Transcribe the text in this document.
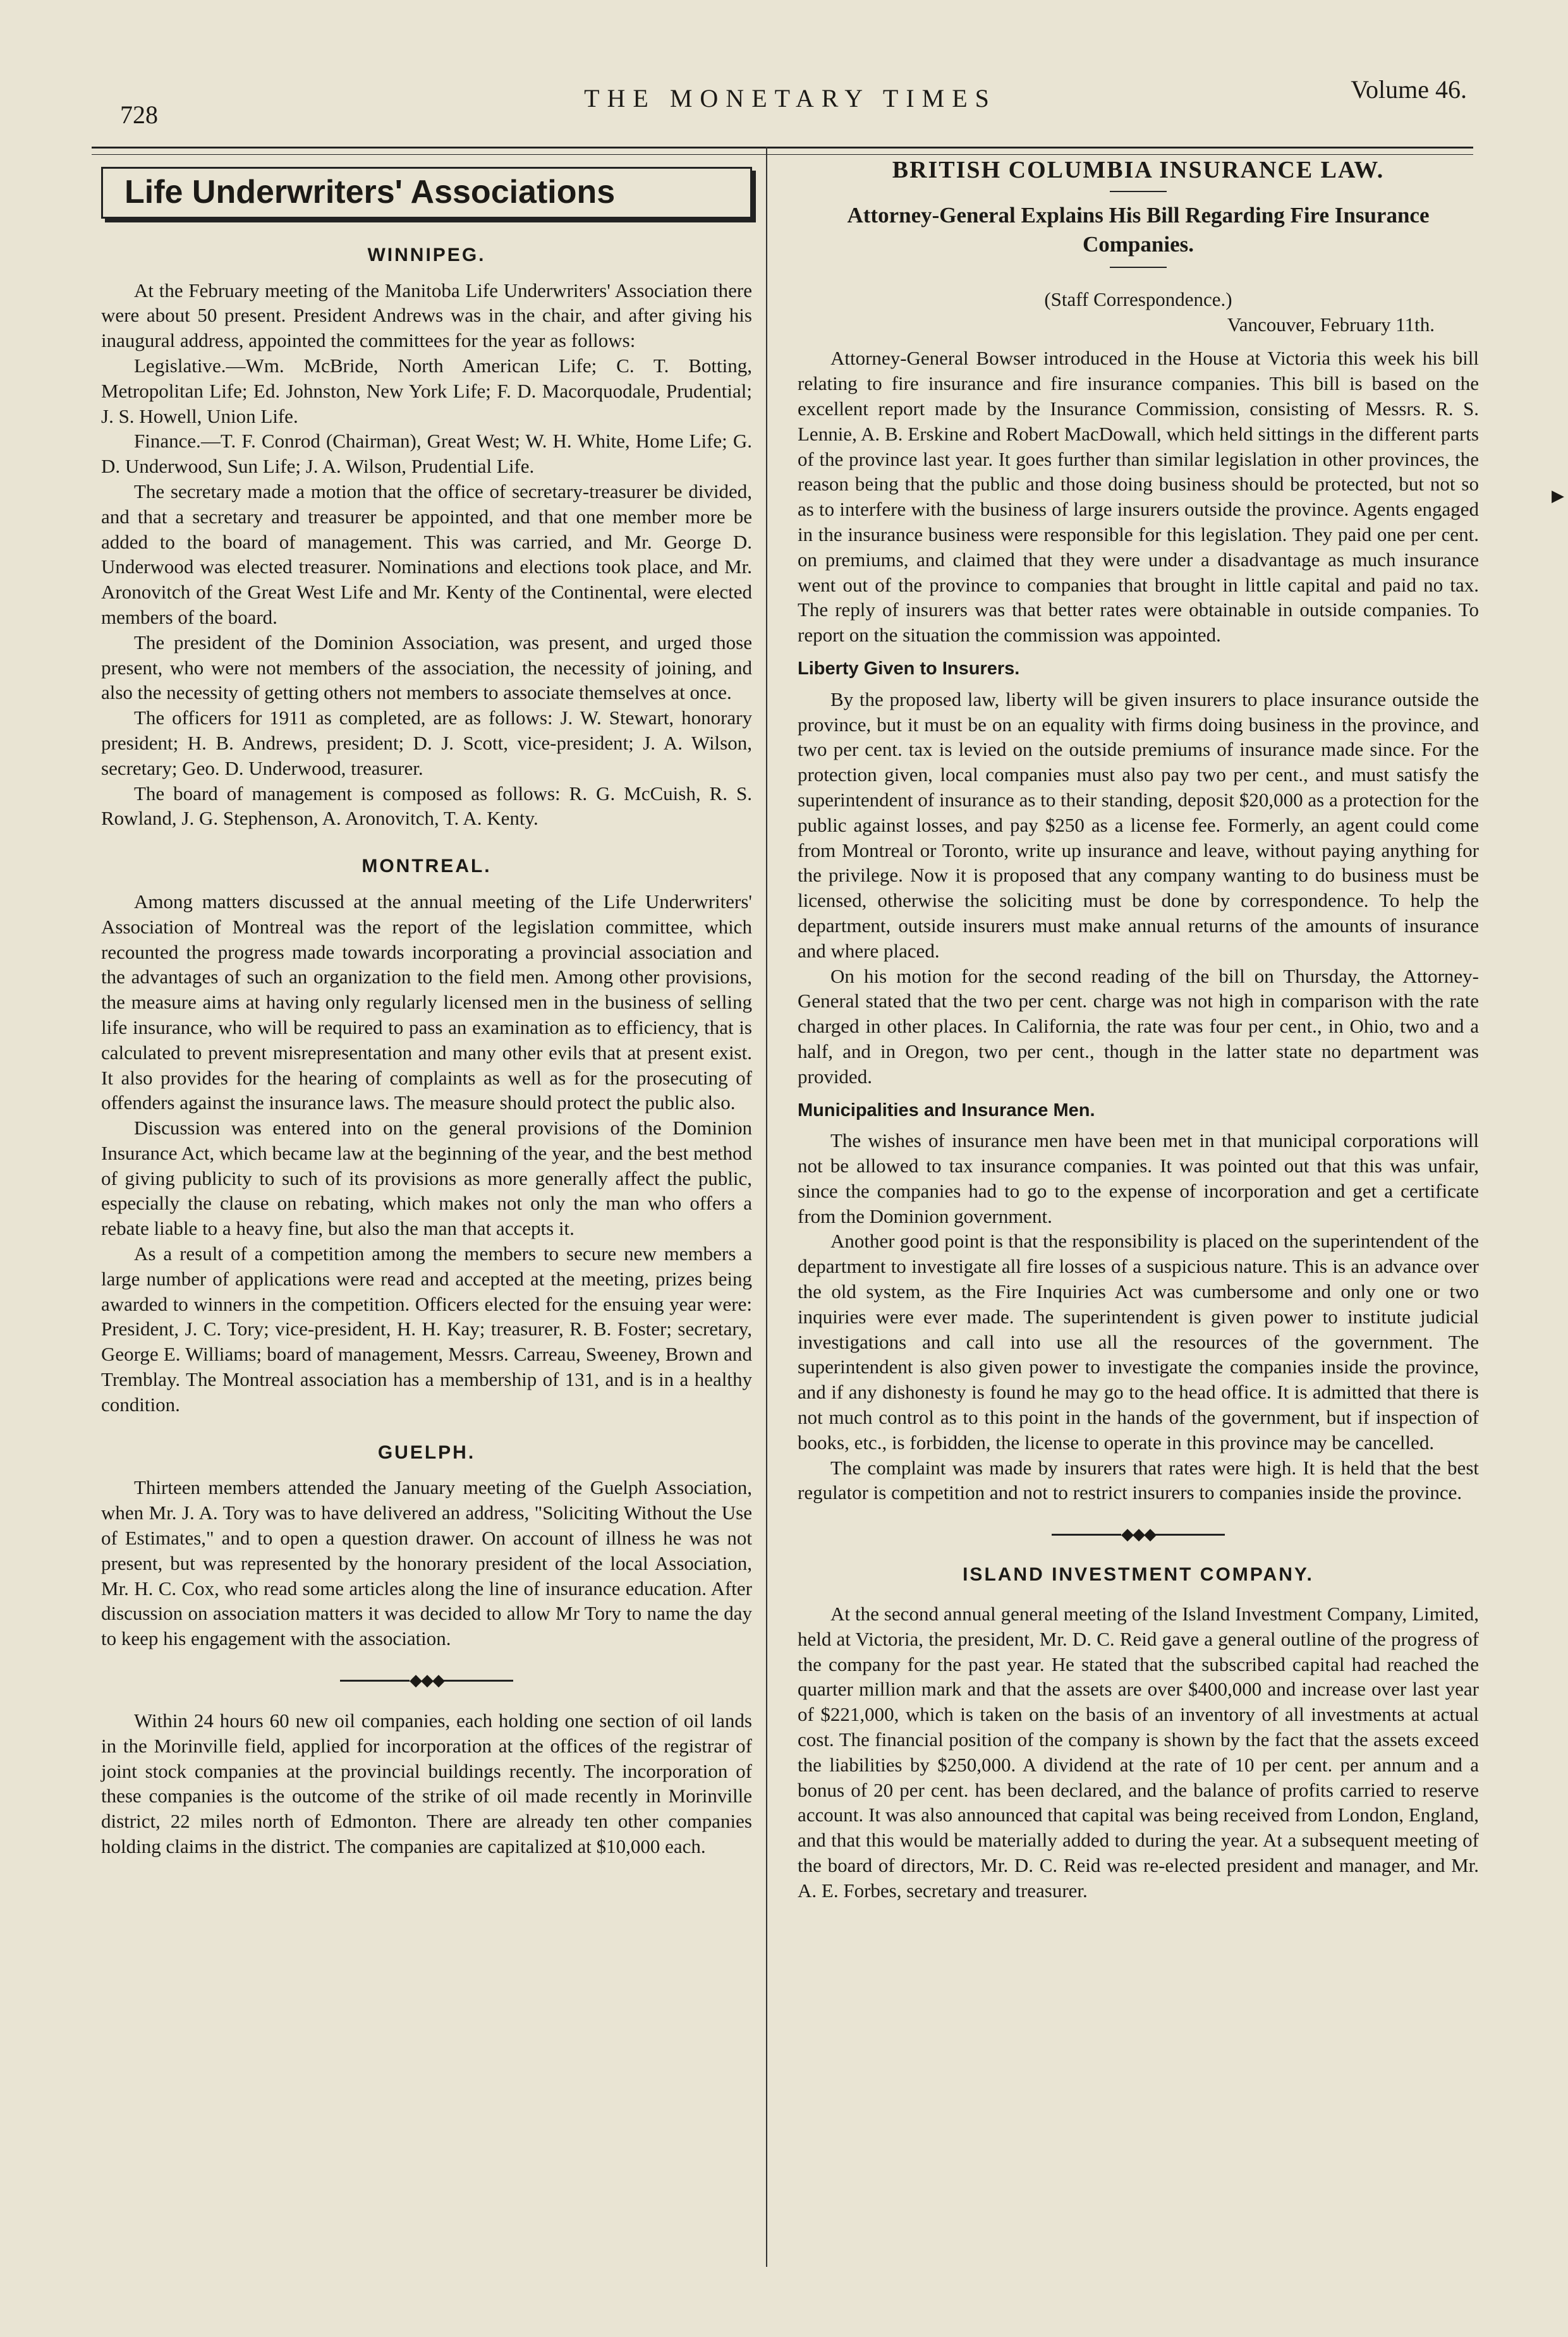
728
THE MONETARY TIMES	Volume 46.
Life Underwriters' Associations
WINNIPEG.

At the February meeting of the Manitoba Life Underwriters' Association there were about 50 present. President Andrews was in the chair, and after giving his inaugural address, appointed the committees for the year as follows:

Legislative.—Wm. McBride, North American Life; C. T. Botting, Metropolitan Life; Ed. Johnston, New York Life; F. D. Macorquodale, Prudential; J. S. Howell, Union Life.

Finance.—T. F. Conrod (Chairman), Great West; W. H. White, Home Life; G. D. Underwood, Sun Life; J. A. Wilson, Prudential Life.

The secretary made a motion that the office of secretary-treasurer be divided, and that a secretary and treasurer be appointed, and that one member more be added to the board of management. This was carried, and Mr. George D. Underwood was elected treasurer. Nominations and elections took place, and Mr. Aronovitch of the Great West Life and Mr. Kenty of the Continental, were elected members of the board.

The president of the Dominion Association, was present, and urged those present, who were not members of the association, the necessity of joining, and also the necessity of getting others not members to associate themselves at once.

The officers for 1911 as completed, are as follows: J. W. Stewart, honorary president; H. B. Andrews, president; D. J. Scott, vice-president; J. A. Wilson, secretary; Geo. D. Underwood, treasurer.

The board of management is composed as follows: R. G. McCuish, R. S. Rowland, J. G. Stephenson, A. Aronovitch, T. A. Kenty.

MONTREAL.

Among matters discussed at the annual meeting of the Life Underwriters' Association of Montreal was the report of the legislation committee, which recounted the progress made towards incorporating a provincial association and the advantages of such an organization to the field men. Among other provisions, the measure aims at having only regularly licensed men in the business of selling life insurance, who will be required to pass an examination as to efficiency, that is calculated to prevent misrepresentation and many other evils that at present exist. It also provides for the hearing of complaints as well as for the prosecuting of offenders against the insurance laws. The measure should protect the public also.

Discussion was entered into on the general provisions of the Dominion Insurance Act, which became law at the beginning of the year, and the best method of giving publicity to such of its provisions as more generally affect the public, especially the clause on rebating, which makes not only the man who offers a rebate liable to a heavy fine, but also the man that accepts it.

As a result of a competition among the members to secure new members a large number of applications were read and accepted at the meeting, prizes being awarded to winners in the competition. Officers elected for the ensuing year were: President, J. C. Tory; vice-president, H. H. Kay; treasurer, R. B. Foster; secretary, George E. Williams; board of management, Messrs. Carreau, Sweeney, Brown and Tremblay. The Montreal association has a membership of 131, and is in a healthy condition.

GUELPH.

Thirteen members attended the January meeting of the Guelph Association, when Mr. J. A. Tory was to have delivered an address, "Soliciting Without the Use of Estimates," and to open a question drawer. On account of illness he was not present, but was represented by the honorary president of the local Association, Mr. H. C. Cox, who read some articles along the line of insurance education. After discussion on association matters it was decided to allow Mr Tory to name the day to keep his engagement with the association.

◆◆◆

Within 24 hours 60 new oil companies, each holding one section of oil lands in the Morinville field, applied for incorporation at the offices of the registrar of joint stock companies at the provincial buildings recently. The incorporation of these companies is the outcome of the strike of oil made recently in Morinville district, 22 miles north of Edmonton. There are already ten other companies holding claims in the district. The companies are capitalized at $10,000 each.

BRITISH COLUMBIA INSURANCE LAW.
Attorney-General Explains His Bill Regarding Fire Insurance Companies.
(Staff Correspondence.)
Vancouver, February 11th.

Attorney-General Bowser introduced in the House at Victoria this week his bill relating to fire insurance and fire insurance companies. This bill is based on the excellent report made by the Insurance Commission, consisting of Messrs. R. S. Lennie, A. B. Erskine and Robert MacDowall, which held sittings in the different parts of the province last year. It goes further than similar legislation in other provinces, the reason being that the public and those doing business should be protected, but not so as to interfere with the business of large insurers outside the province. Agents engaged in the insurance business were responsible for this legislation. They paid one per cent. on premiums, and claimed that they were under a disadvantage as much insurance went out of the province to companies that brought in little capital and paid no tax. The reply of insurers was that better rates were obtainable in outside companies. To report on the situation the commission was appointed.

Liberty Given to Insurers.

By the proposed law, liberty will be given insurers to place insurance outside the province, but it must be on an equality with firms doing business in the province, and two per cent. tax is levied on the outside premiums of insurance made since. For the protection given, local companies must also pay two per cent., and must satisfy the superintendent of insurance as to their standing, deposit $20,000 as a protection for the public against losses, and pay $250 as a license fee. Formerly, an agent could come from Montreal or Toronto, write up insurance and leave, without paying anything for the privilege. Now it is proposed that any company wanting to do business must be licensed, otherwise the soliciting must be done by correspondence. To help the department, outside insurers must make annual returns of the amounts of insurance and where placed.

On his motion for the second reading of the bill on Thursday, the Attorney-General stated that the two per cent. charge was not high in comparison with the rate charged in other places. In California, the rate was four per cent., in Ohio, two and a half, and in Oregon, two per cent., though in the latter state no department was provided.

Municipalities and Insurance Men.

The wishes of insurance men have been met in that municipal corporations will not be allowed to tax insurance companies. It was pointed out that this was unfair, since the companies had to go to the expense of incorporation and get a certificate from the Dominion government.

Another good point is that the responsibility is placed on the superintendent of the department to investigate all fire losses of a suspicious nature. This is an advance over the old system, as the Fire Inquiries Act was cumbersome and only one or two inquiries were ever made. The superintendent is given power to institute judicial investigations and call into use all the resources of the government. The superintendent is also given power to investigate the companies inside the province, and if any dishonesty is found he may go to the head office. It is admitted that there is not much control as to this point in the hands of the government, but if inspection of books, etc., is forbidden, the license to operate in this province may be cancelled.

The complaint was made by insurers that rates were high. It is held that the best regulator is competition and not to restrict insurers to companies inside the province.

◆◆◆
ISLAND INVESTMENT COMPANY.

At the second annual general meeting of the Island Investment Company, Limited, held at Victoria, the president, Mr. D. C. Reid gave a general outline of the progress of the company for the past year. He stated that the subscribed capital had reached the quarter million mark and that the assets are over $400,000 and increase over last year of $221,000, which is taken on the basis of an inventory of all investments at actual cost. The financial position of the company is shown by the fact that the assets exceed the liabilities by $250,000. A dividend at the rate of 10 per cent. per annum and a bonus of 20 per cent. has been declared, and the balance of profits carried to reserve account. It was also announced that capital was being received from London, England, and that this would be materially added to during the year. At a subsequent meeting of the board of directors, Mr. D. C. Reid was re-elected president and manager, and Mr. A. E. Forbes, secretary and treasurer.

▶
